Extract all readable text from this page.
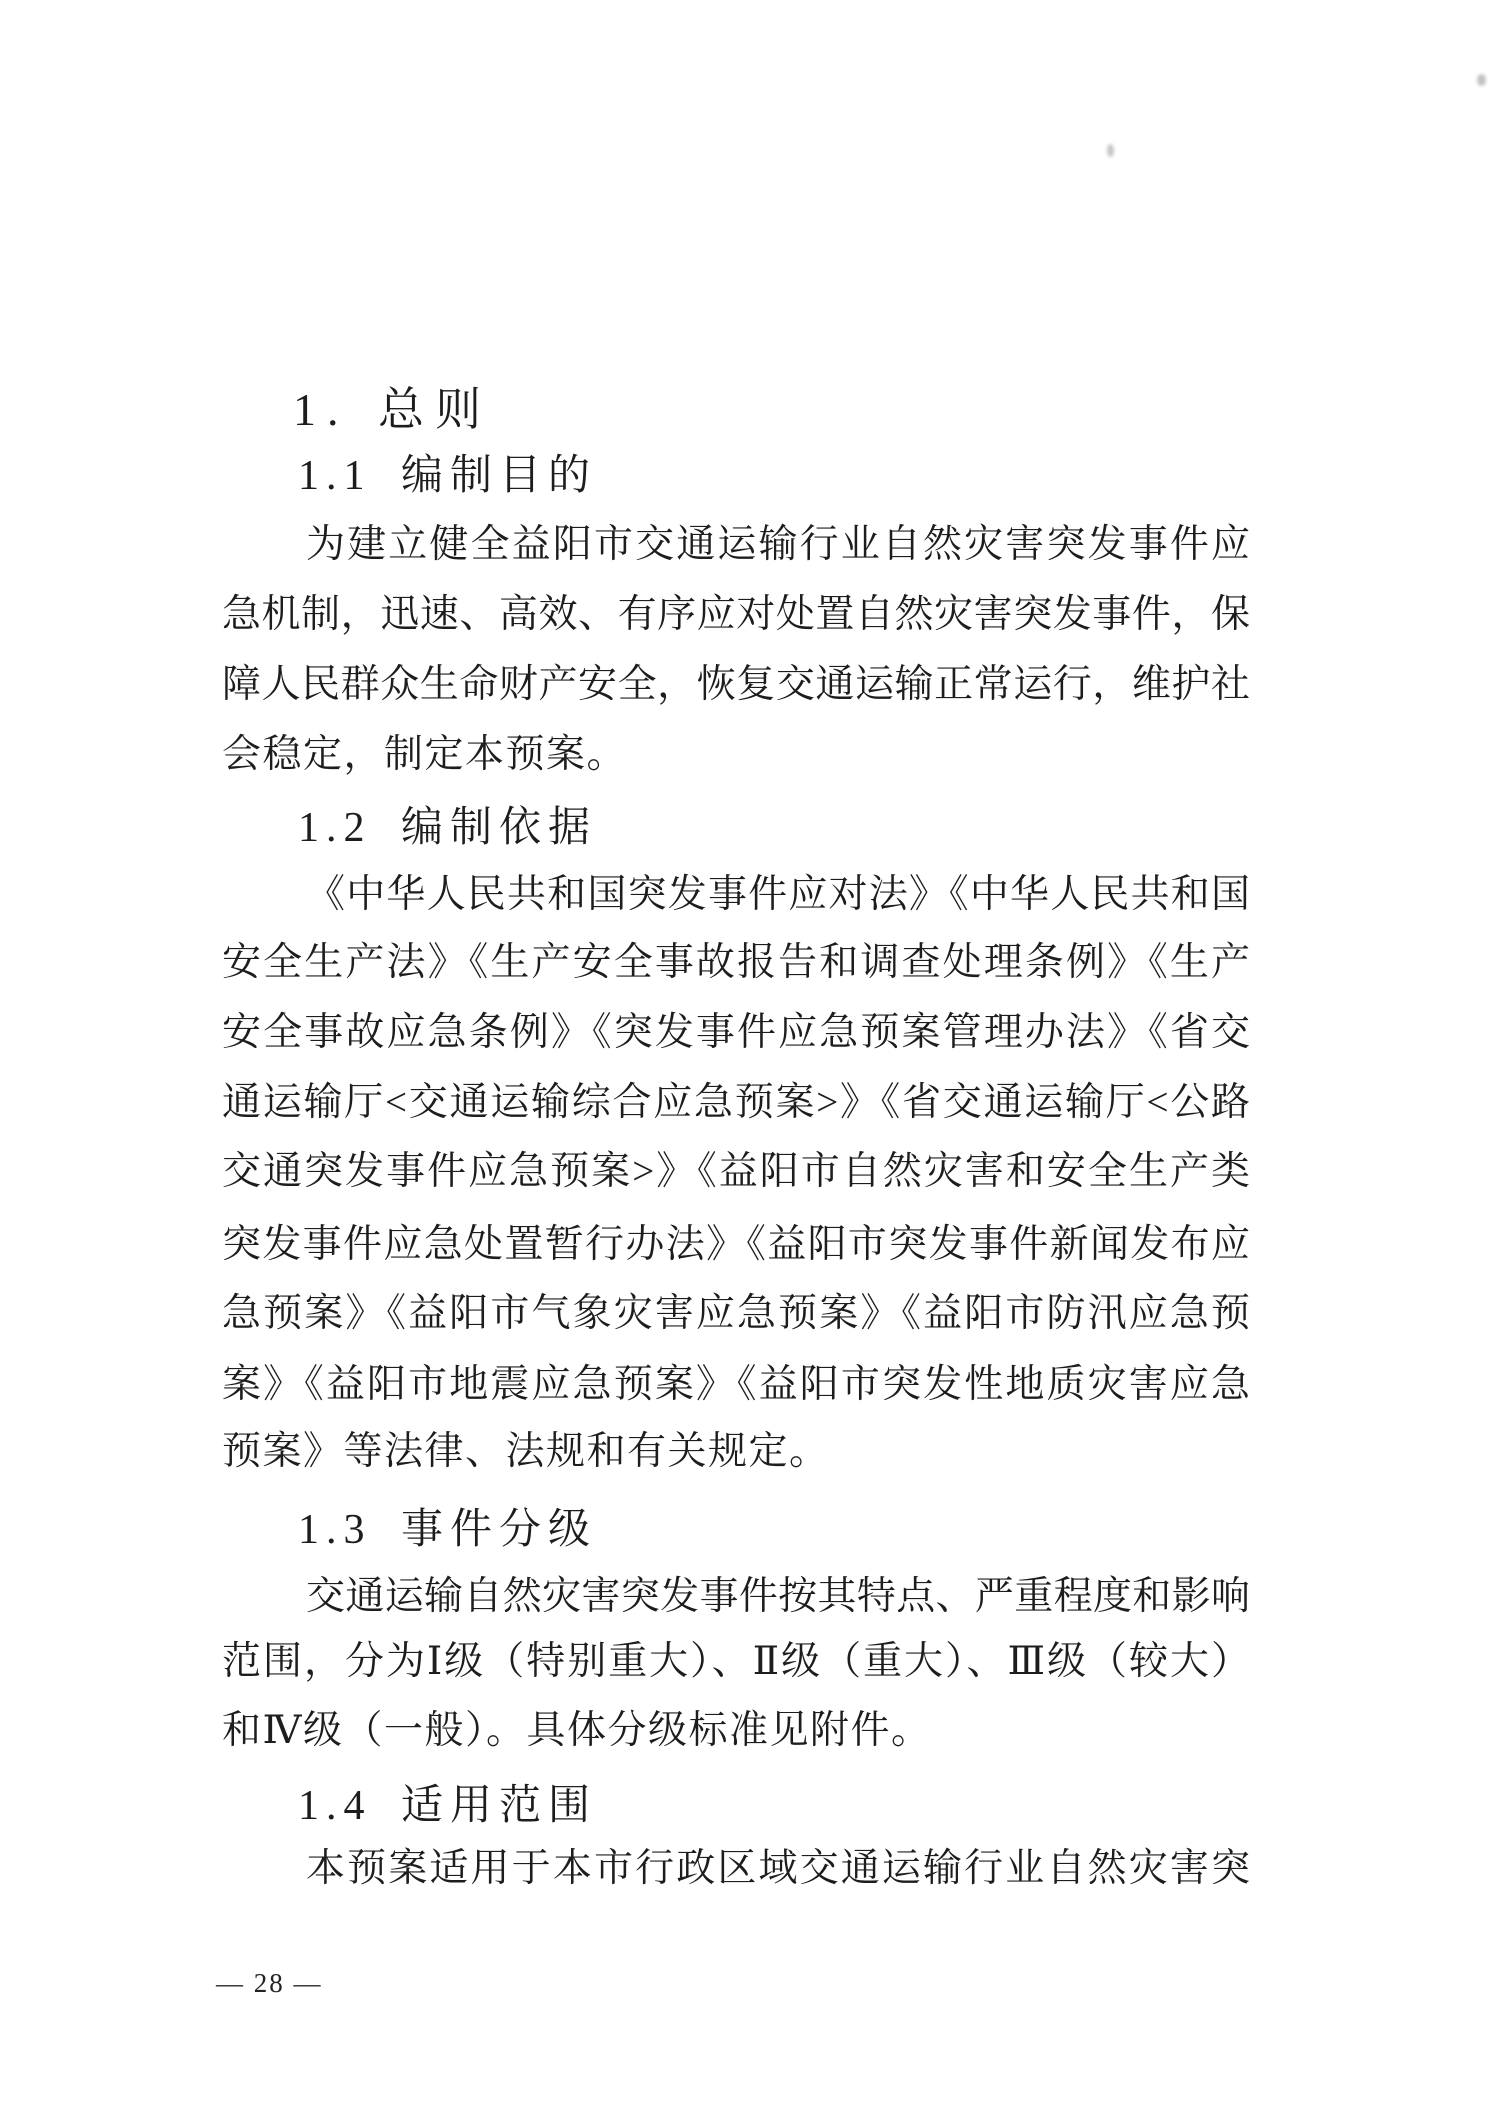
1. 总则
1.1 编制目的
为建立健全益阳市交通运输行业自然灾害突发事件应
急机制，迅速、高效、有序应对处置自然灾害突发事件，保
障人民群众生命财产安全，恢复交通运输正常运行，维护社
会稳定，制定本预案。
1.2 编制依据
《中华人民共和国突发事件应对法》《中华人民共和国
安全生产法》《生产安全事故报告和调查处理条例》《生产
安全事故应急条例》《突发事件应急预案管理办法》《省交
通运输厅<交通运输综合应急预案>》《省交通运输厅<公路
交通突发事件应急预案>》《益阳市自然灾害和安全生产类
突发事件应急处置暂行办法》《益阳市突发事件新闻发布应
急预案》《益阳市气象灾害应急预案》《益阳市防汛应急预
案》《益阳市地震应急预案》《益阳市突发性地质灾害应急
预案》等法律、法规和有关规定。
1.3 事件分级
交通运输自然灾害突发事件按其特点、严重程度和影响
范围，分为Ⅰ级（特别重大）、Ⅱ级（重大）、Ⅲ级（较大）
和Ⅳ级（一般）。具体分级标准见附件。
1.4 适用范围
本预案适用于本市行政区域交通运输行业自然灾害突
— 28 —
